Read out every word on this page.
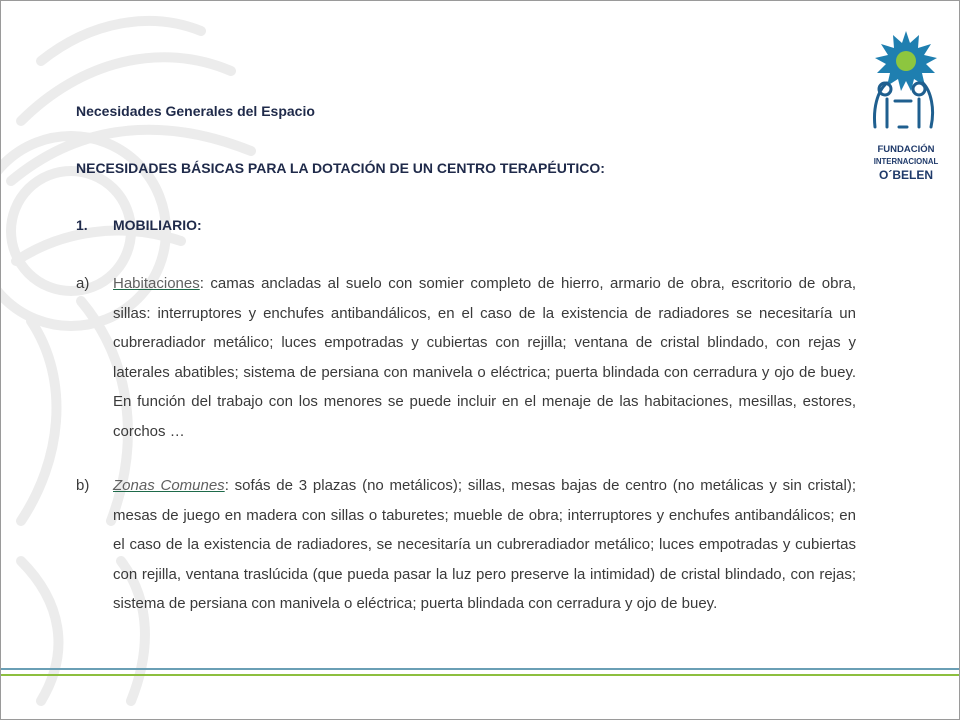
FUNDACIÓN
INTERNACIONAL
O´BELEN
Necesidades Generales del Espacio
NECESIDADES BÁSICAS PARA LA DOTACIÓN DE UN CENTRO TERAPÉUTICO:
1. MOBILIARIO:
a)	Habitaciones: camas ancladas al suelo con somier completo de hierro, armario de obra, escritorio de obra, sillas: interruptores y enchufes antibandálicos, en el caso de la existencia de radiadores se necesitaría un cubreradiador metálico; luces empotradas y cubiertas con rejilla; ventana de cristal blindado, con rejas y laterales abatibles; sistema de persiana con manivela o eléctrica; puerta blindada con cerradura y ojo de buey. En función del trabajo con los menores se puede incluir en el menaje de las habitaciones, mesillas, estores, corchos …
b)	Zonas Comunes: sofás de 3 plazas (no metálicos); sillas, mesas bajas de centro (no metálicas y sin cristal); mesas de juego en madera con sillas o taburetes; mueble de obra; interruptores y enchufes antibandálicos; en el caso de la existencia de radiadores, se necesitaría un cubreradiador metálico; luces empotradas y cubiertas con rejilla, ventana traslúcida (que pueda pasar la luz pero preserve la intimidad) de cristal blindado, con rejas; sistema de persiana con manivela o eléctrica; puerta blindada con cerradura y ojo de buey.
